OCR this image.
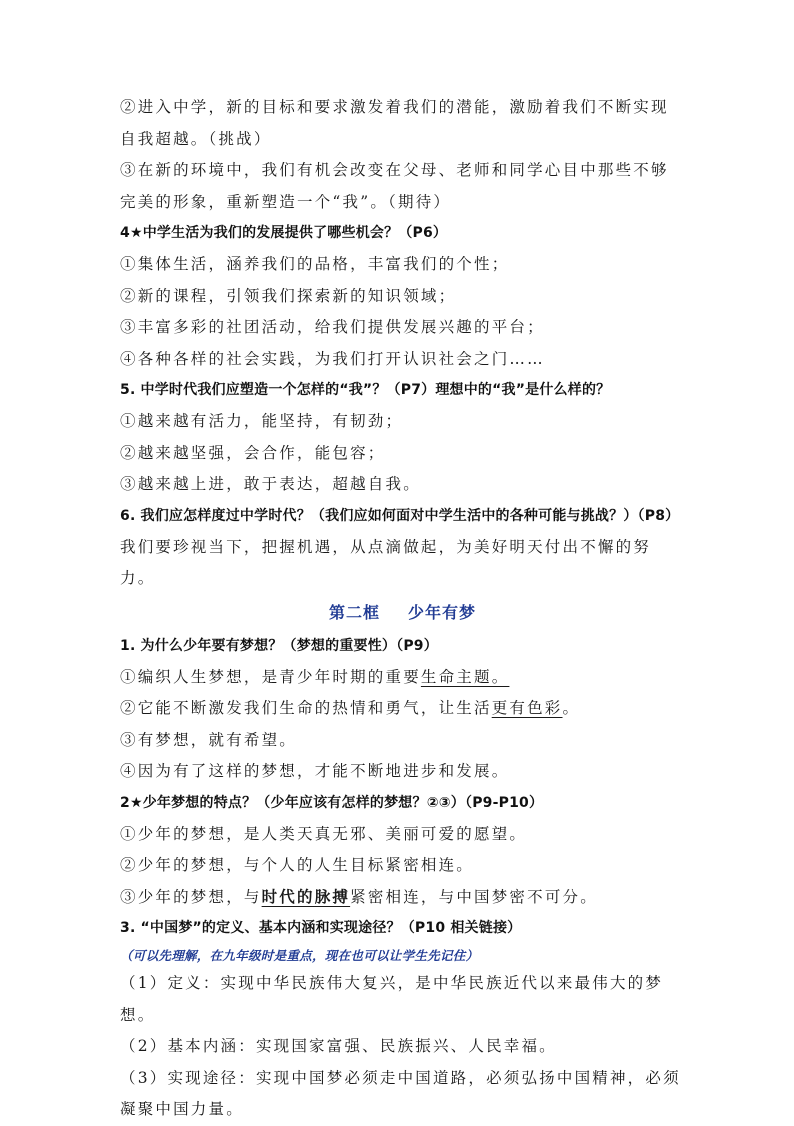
②进入中学，新的目标和要求激发着我们的潜能，激励着我们不断实现自我超越。（挑战）

③在新的环境中，我们有机会改变在父母、老师和同学心目中那些不够完美的形象，重新塑造一个“我”。（期待）

4★中学生活为我们的发展提供了哪些机会？（P6）

①集体生活，涵养我们的品格，丰富我们的个性；

②新的课程，引领我们探索新的知识领域；

③丰富多彩的社团活动，给我们提供发展兴趣的平台；

④各种各样的社会实践，为我们打开认识社会之门……

5. 中学时代我们应塑造一个怎样的“我”？（P7）理想中的“我”是什么样的？

①越来越有活力，能坚持，有韧劲；

②越来越坚强，会合作，能包容；

③越来越上进，敢于表达，超越自我。

6. 我们应怎样度过中学时代？（我们应如何面对中学生活中的各种可能与挑战？）（P8）

我们要珍视当下，把握机遇，从点滴做起，为美好明天付出不懈的努力。

第二框 少年有梦

1. 为什么少年要有梦想？（梦想的重要性）（P9）

①编织人生梦想，是青少年时期的重要生命主题。

②它能不断激发我们生命的热情和勇气，让生活更有色彩。

③有梦想，就有希望。

④因为有了这样的梦想，才能不断地进步和发展。

2★少年梦想的特点？（少年应该有怎样的梦想？②③）（P9-P10）

①少年的梦想，是人类天真无邪、美丽可爱的愿望。

②少年的梦想，与个人的人生目标紧密相连。

③少年的梦想，与时代的脉搏紧密相连，与中国梦密不可分。

3. “中国梦”的定义、基本内涵和实现途径？（P10 相关链接）

（可以先理解，在九年级时是重点，现在也可以让学生先记住）

（1）定义：实现中华民族伟大复兴，是中华民族近代以来最伟大的梦想。

（2）基本内涵：实现国家富强、民族振兴、人民幸福。

（3）实现途径：实现中国梦必须走中国道路，必须弘扬中国精神，必须凝聚中国力量。
